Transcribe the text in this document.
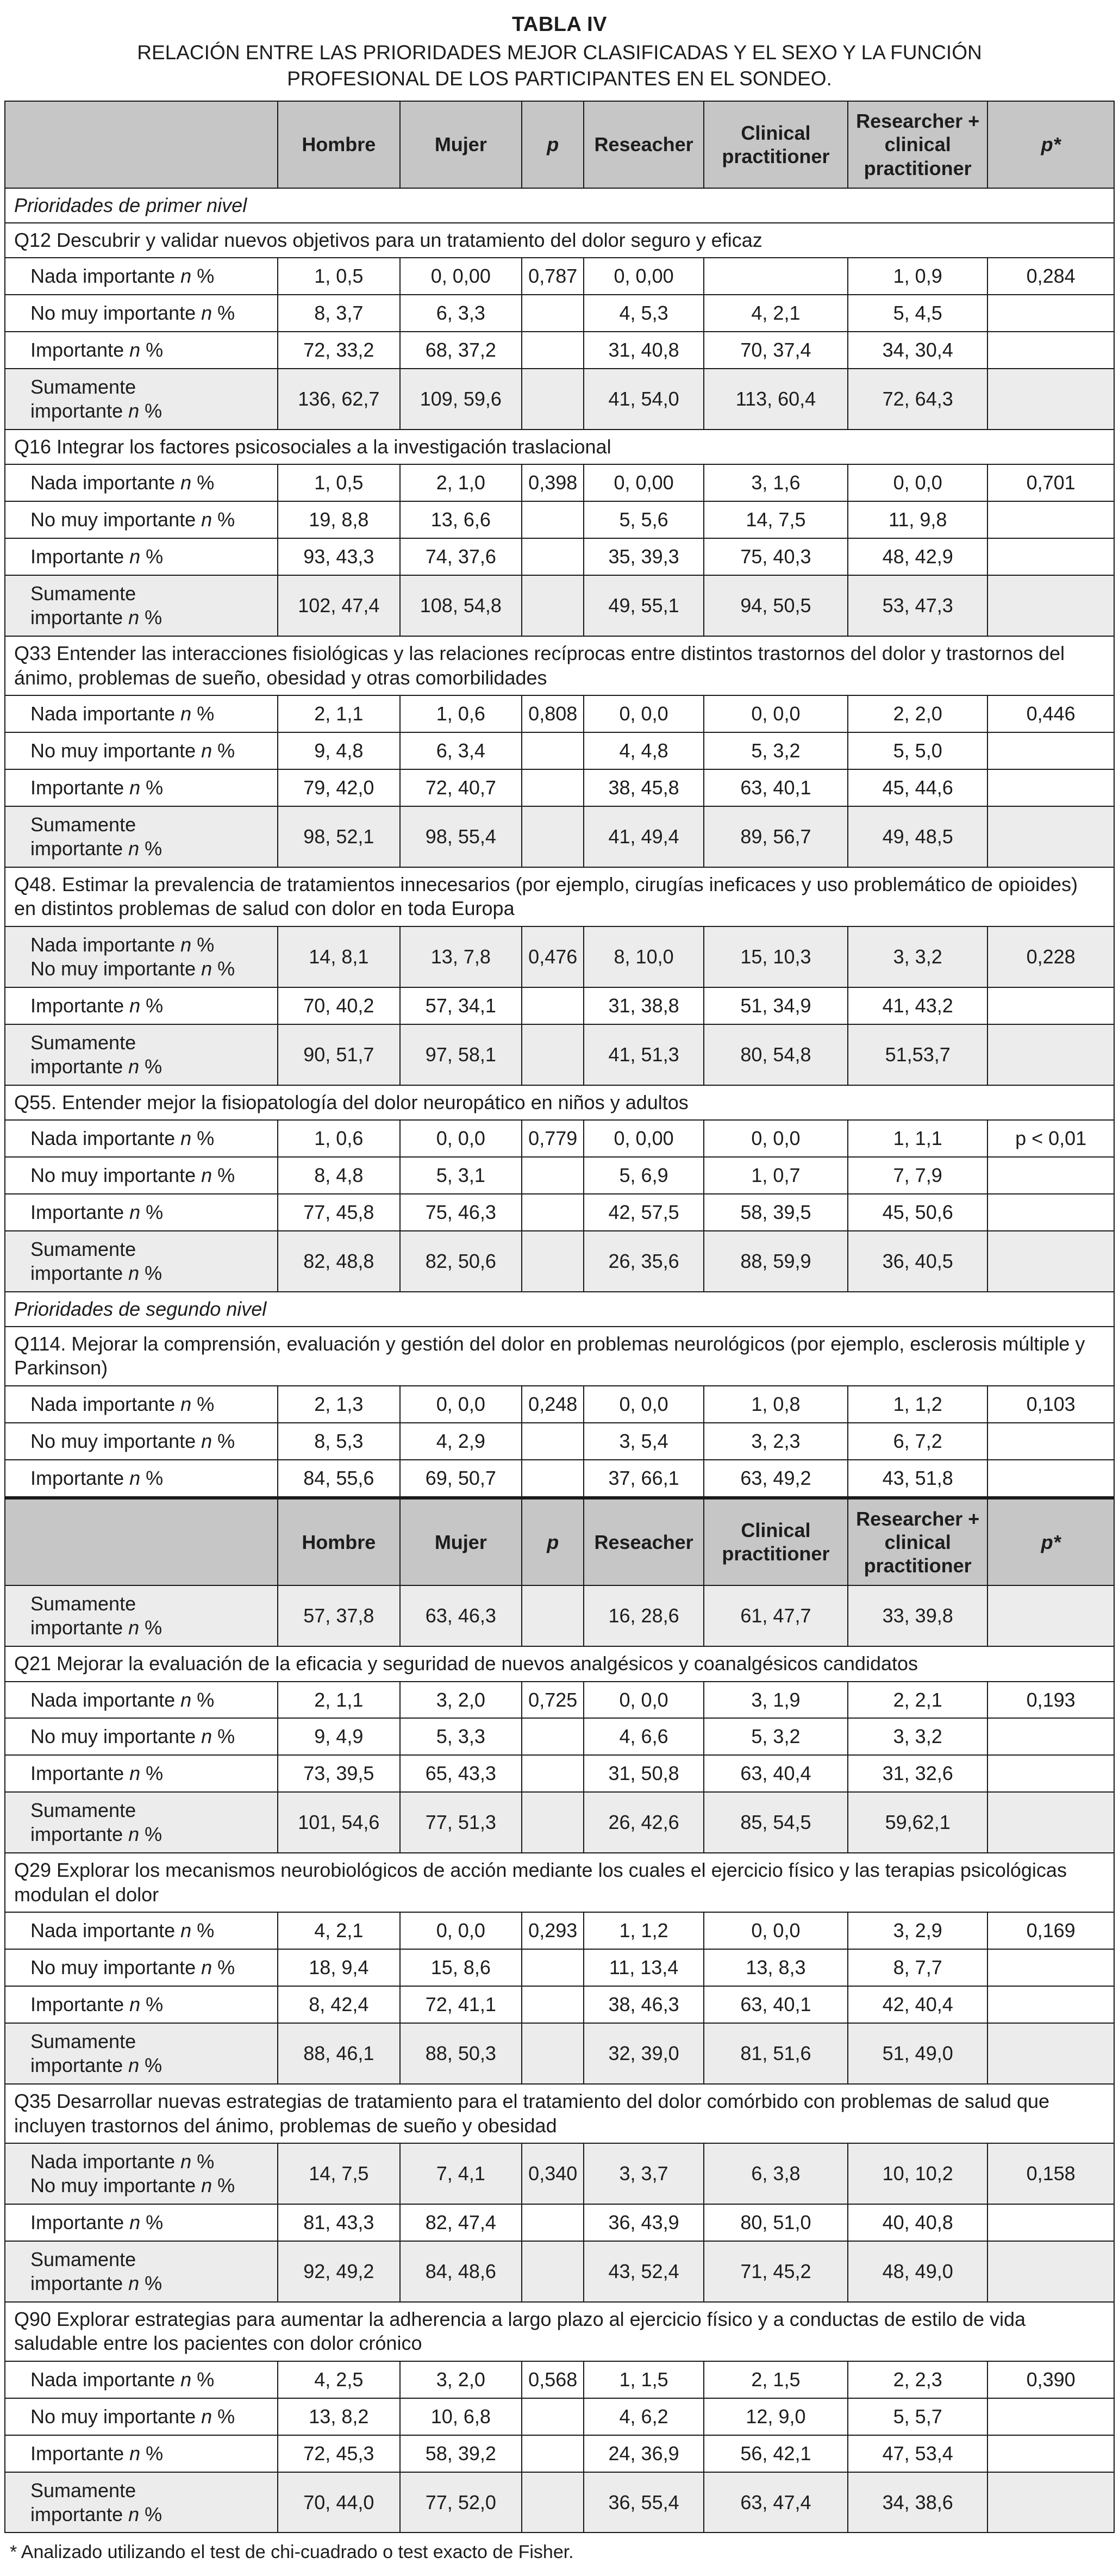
TABLA IV
RELACIÓN ENTRE LAS PRIORIDADES MEJOR CLASIFICADAS Y EL SEXO Y LA FUNCIÓN PROFESIONAL DE LOS PARTICIPANTES EN EL SONDEO.
	Hombre	Mujer	p	Reseacher	Clinical practitioner	Researcher + clinical practitioner	p*
Prioridades de primer nivel							
Q12 Descubrir y validar nuevos objetivos para un tratamiento del dolor seguro y eficaz							
Nada importante n %	1, 0,5	0, 0,00	0,787	0, 0,00		1, 0,9	0,284
No muy importante n %	8, 3,7	6, 3,3		4, 5,3	4, 2,1	5, 4,5	
Importante n %	72, 33,2	68, 37,2		31, 40,8	70, 37,4	34, 30,4	
Sumamente
importante n %	136, 62,7	109, 59,6		41, 54,0	113, 60,4	72, 64,3	
Q16 Integrar los factores psicosociales a la investigación traslacional							
Nada importante n %	1, 0,5	2, 1,0	0,398	0, 0,00	3, 1,6	0, 0,0	0,701
No muy importante n %	19, 8,8	13, 6,6		5, 5,6	14, 7,5	11, 9,8	
Importante n %	93, 43,3	74, 37,6		35, 39,3	75, 40,3	48, 42,9	
Sumamente
importante n %	102, 47,4	108, 54,8		49, 55,1	94, 50,5	53, 47,3	
Q33 Entender las interacciones fisiológicas y las relaciones recíprocas entre distintos trastornos del dolor y trastornos del ánimo, problemas de sueño, obesidad y otras comorbilidades							
Nada importante n %	2, 1,1	1, 0,6	0,808	0, 0,0	0, 0,0	2, 2,0	0,446
No muy importante n %	9, 4,8	6, 3,4		4, 4,8	5, 3,2	5, 5,0	
Importante n %	79, 42,0	72, 40,7		38, 45,8	63, 40,1	45, 44,6	
Sumamente
importante n %	98, 52,1	98, 55,4		41, 49,4	89, 56,7	49, 48,5	
Q48. Estimar la prevalencia de tratamientos innecesarios (por ejemplo, cirugías ineficaces y uso problemático de opioides) en distintos problemas de salud con dolor en toda Europa							
Nada importante n %
No muy importante n %	14, 8,1	13, 7,8	0,476	8, 10,0	15, 10,3	3, 3,2	0,228
Importante n %	70, 40,2	57, 34,1		31, 38,8	51, 34,9	41, 43,2	
Sumamente
importante n %	90, 51,7	97, 58,1		41, 51,3	80, 54,8	51,53,7	
Q55. Entender mejor la fisiopatología del dolor neuropático en niños y adultos							
Nada importante n %	1, 0,6	0, 0,0	0,779	0, 0,00	0, 0,0	1, 1,1	p < 0,01
No muy importante n %	8, 4,8	5, 3,1		5, 6,9	1, 0,7	7, 7,9	
Importante n %	77, 45,8	75, 46,3		42, 57,5	58, 39,5	45, 50,6	
Sumamente
importante n %	82, 48,8	82, 50,6		26, 35,6	88, 59,9	36, 40,5	
Prioridades de segundo nivel							
Q114. Mejorar la comprensión, evaluación y gestión del dolor en problemas neurológicos (por ejemplo, esclerosis múltiple y Parkinson)							
Nada importante n %	2, 1,3	0, 0,0	0,248	0, 0,0	1, 0,8	1, 1,2	0,103
No muy importante n %	8, 5,3	4, 2,9		3, 5,4	3, 2,3	6, 7,2	
Importante n %	84, 55,6	69, 50,7		37, 66,1	63, 49,2	43, 51,8	
	Hombre	Mujer	p	Reseacher	Clinical practitioner	Researcher + clinical practitioner	p*
Sumamente
importante n %	57, 37,8	63, 46,3		16, 28,6	61, 47,7	33, 39,8	
Q21 Mejorar la evaluación de la eficacia y seguridad de nuevos analgésicos y coanalgésicos candidatos							
Nada importante n %	2, 1,1	3, 2,0	0,725	0, 0,0	3, 1,9	2, 2,1	0,193
No muy importante n %	9, 4,9	5, 3,3		4, 6,6	5, 3,2	3, 3,2	
Importante n %	73, 39,5	65, 43,3		31, 50,8	63, 40,4	31, 32,6	
Sumamente
importante n %	101, 54,6	77, 51,3		26, 42,6	85, 54,5	59,62,1	
Q29 Explorar los mecanismos neurobiológicos de acción mediante los cuales el ejercicio físico y las terapias psicológicas modulan el dolor							
Nada importante n %	4, 2,1	0, 0,0	0,293	1, 1,2	0, 0,0	3, 2,9	0,169
No muy importante n %	18, 9,4	15, 8,6		11, 13,4	13, 8,3	8, 7,7	
Importante n %	8, 42,4	72, 41,1		38, 46,3	63, 40,1	42, 40,4	
Sumamente
importante n %	88, 46,1	88, 50,3		32, 39,0	81, 51,6	51, 49,0	
Q35 Desarrollar nuevas estrategias de tratamiento para el tratamiento del dolor comórbido con problemas de salud que incluyen trastornos del ánimo, problemas de sueño y obesidad							
Nada importante n %
No muy importante n %	14, 7,5	7, 4,1	0,340	3, 3,7	6, 3,8	10, 10,2	0,158
Importante n %	81, 43,3	82, 47,4		36, 43,9	80, 51,0	40, 40,8	
Sumamente
importante n %	92, 49,2	84, 48,6		43, 52,4	71, 45,2	48, 49,0	
Q90 Explorar estrategias para aumentar la adherencia a largo plazo al ejercicio físico y a conductas de estilo de vida saludable entre los pacientes con dolor crónico							
Nada importante n %	4, 2,5	3, 2,0	0,568	1, 1,5	2, 1,5	2, 2,3	0,390
No muy importante n %	13, 8,2	10, 6,8		4, 6,2	12, 9,0	5, 5,7	
Importante n %	72, 45,3	58, 39,2		24, 36,9	56, 42,1	47, 53,4	
Sumamente
importante n %	70, 44,0	77, 52,0		36, 55,4	63, 47,4	34, 38,6	
* Analizado utilizando el test de chi-cuadrado o test exacto de Fisher.
